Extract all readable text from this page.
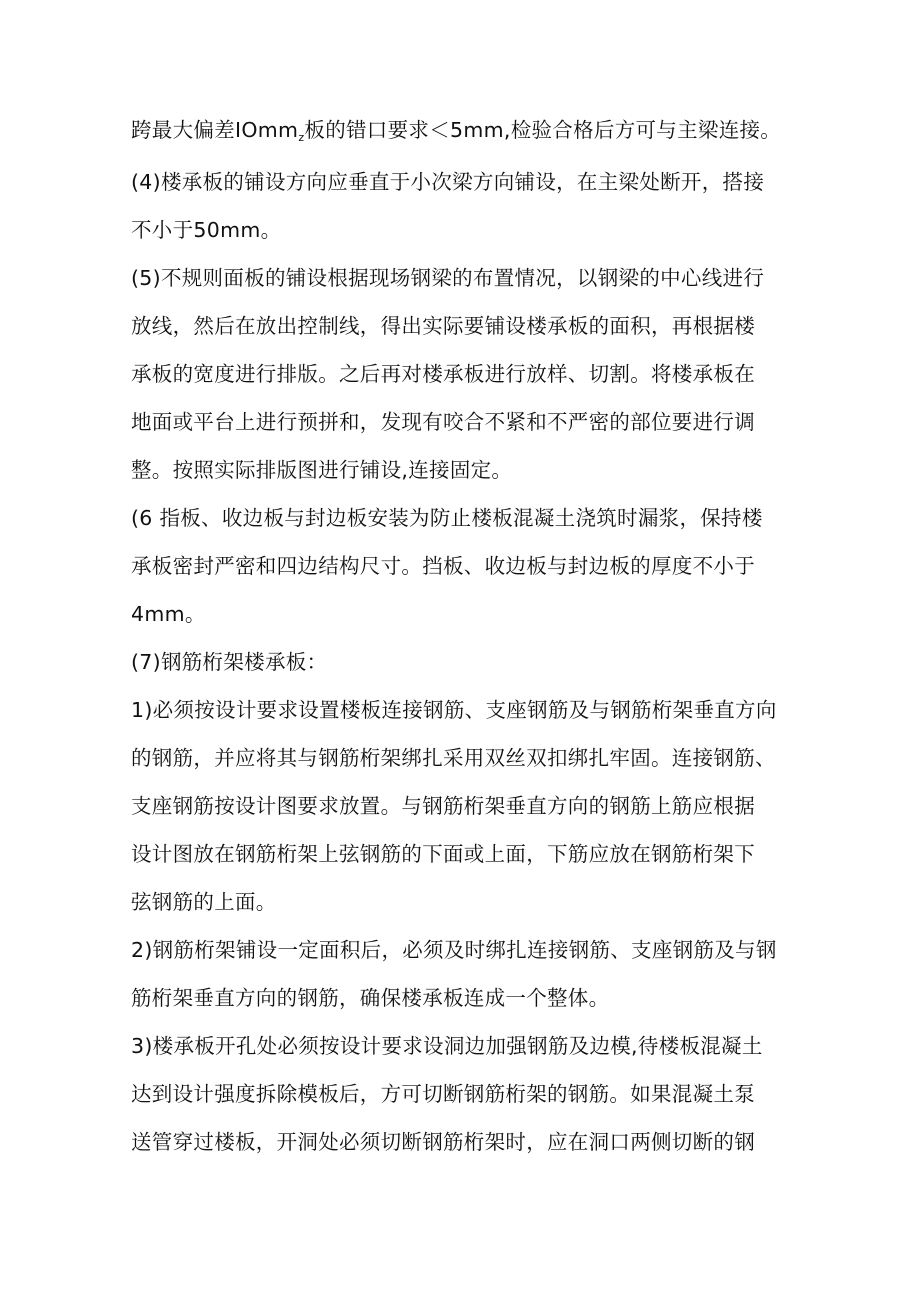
跨最大偏差IOmm$_z$板的错口要求＜5mm,检验合格后方可与主梁连接。
(4)楼承板的铺设方向应垂直于小次梁方向铺设，在主梁处断开，搭接
不小于50mm。
(5)不规则面板的铺设根据现场钢梁的布置情况，以钢梁的中心线进行
放线，然后在放出控制线，得出实际要铺设楼承板的面积，再根据楼
承板的宽度进行排版。之后再对楼承板进行放样、切割。将楼承板在
地面或平台上进行预拼和，发现有咬合不紧和不严密的部位要进行调
整。按照实际排版图进行铺设,连接固定。
(6 指板、收边板与封边板安装为防止楼板混凝土浇筑时漏浆，保持楼
承板密封严密和四边结构尺寸。挡板、收边板与封边板的厚度不小于
4mm。
(7)钢筋桁架楼承板：
1)必须按设计要求设置楼板连接钢筋、支座钢筋及与钢筋桁架垂直方向
的钢筋，并应将其与钢筋桁架绑扎采用双丝双扣绑扎牢固。连接钢筋、
支座钢筋按设计图要求放置。与钢筋桁架垂直方向的钢筋上筋应根据
设计图放在钢筋桁架上弦钢筋的下面或上面，下筋应放在钢筋桁架下
弦钢筋的上面。
2)钢筋桁架铺设一定面积后，必须及时绑扎连接钢筋、支座钢筋及与钢
筋桁架垂直方向的钢筋，确保楼承板连成一个整体。
3)楼承板开孔处必须按设计要求设洞边加强钢筋及边模,待楼板混凝土
达到设计强度拆除模板后，方可切断钢筋桁架的钢筋。如果混凝土泵
送管穿过楼板，开洞处必须切断钢筋桁架时，应在洞口两侧切断的钢
